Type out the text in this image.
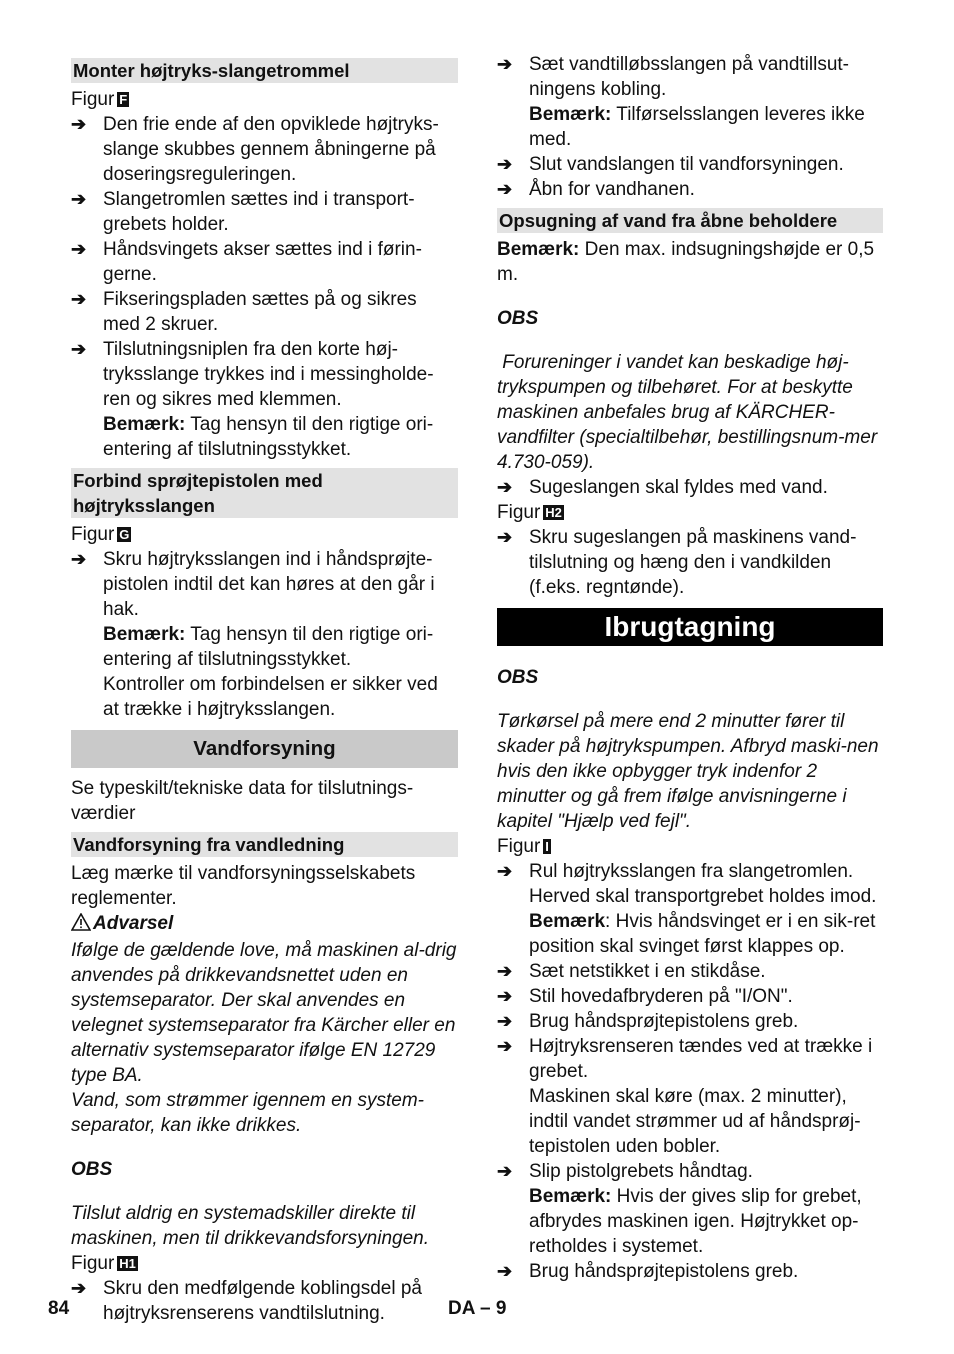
Monter højtryks-slangetrommel

Figur F

➔ Den frie ende af den opviklede højtryks-slange skubbes gennem åbningerne på doseringsreguleringen.
➔ Slangetromlen sættes ind i transport-grebets holder.
➔ Håndsvingets akser sættes ind i førin-gerne.
➔ Fikseringspladen sættes på og sikres med 2 skruer.
➔ Tilslutningsniplen fra den korte høj-tryksslange trykkes ind i messingholde-ren og sikres med klemmen.
Bemærk: Tag hensyn til den rigtige ori-entering af tilslutningsstykket.
Forbind sprøjtepistolen med højtryksslangen

Figur G

➔ Skru højtryksslangen ind i håndsprøjte-pistolen indtil det kan høres at den går i hak.
Bemærk: Tag hensyn til den rigtige ori-entering af tilslutningsstykket.
Kontroller om forbindelsen er sikker ved at trække i højtryksslangen.
Vandforsyning

Se typeskilt/tekniske data for tilslutnings-værdier

Vandforsyning fra vandledning

Læg mærke til vandforsyningsselskabets reglementer.

Advarsel

Ifølge de gældende love, må maskinen al-drig anvendes på drikkevandsnettet uden en systemseparator. Der skal anvendes en velegnet systemseparator fra Kärcher eller en alternativ systemseparator ifølge EN 12729 type BA.

Vand, som strømmer igennem en system-separator, kan ikke drikkes.

OBS

Tilslut aldrig en systemadskiller direkte til maskinen, men til drikkevandsforsyningen.

Figur H1

➔ Skru den medfølgende koblingsdel på højtryksrenserens vandtilslutning.
➔ Sæt vandtilløbsslangen på vandtillsut-ningens kobling.
Bemærk: Tilførselsslangen leveres ikke med.
➔ Slut vandslangen til vandforsyningen.
➔ Åbn for vandhanen.
Opsugning af vand fra åbne beholdere

Bemærk: Den max. indsugningshøjde er 0,5 m.

OBS

Forureninger i vandet kan beskadige høj-trykspumpen og tilbehøret. For at beskytte maskinen anbefales brug af KÄRCHER-vandfilter (specialtilbehør, bestillingsnum-mer 4.730-059).

➔ Sugeslangen skal fyldes med vand.

Figur H2

➔ Skru sugeslangen på maskinens vand-tilslutning og hæng den i vandkilden (f.eks. regntønde).
Ibrugtagning

OBS

Tørkørsel på mere end 2 minutter fører til skader på højtrykspumpen. Afbryd maski-nen hvis den ikke opbygger tryk indenfor 2 minutter og gå frem ifølge anvisningerne i kapitel "Hjælp ved fejl".

Figur I

➔ Rul højtryksslangen fra slangetromlen. Herved skal transportgrebet holdes imod.
Bemærk: Hvis håndsvinget er i en sik-ret position skal svinget først klappes op.
➔ Sæt netstikket i en stikdåse.
➔ Stil hovedafbryderen på "I/ON".
➔ Brug håndsprøjtepistolens greb.
➔ Højtryksrenseren tændes ved at trække i grebet.
Maskinen skal køre (max. 2 minutter), indtil vandet strømmer ud af håndsprøj-tepistolen uden bobler.
➔ Slip pistolgrebets håndtag.
Bemærk: Hvis der gives slip for grebet, afbrydes maskinen igen. Højtrykket op-retholdes i systemet.
➔ Brug håndsprøjtepistolens greb.
84	DA – 9
